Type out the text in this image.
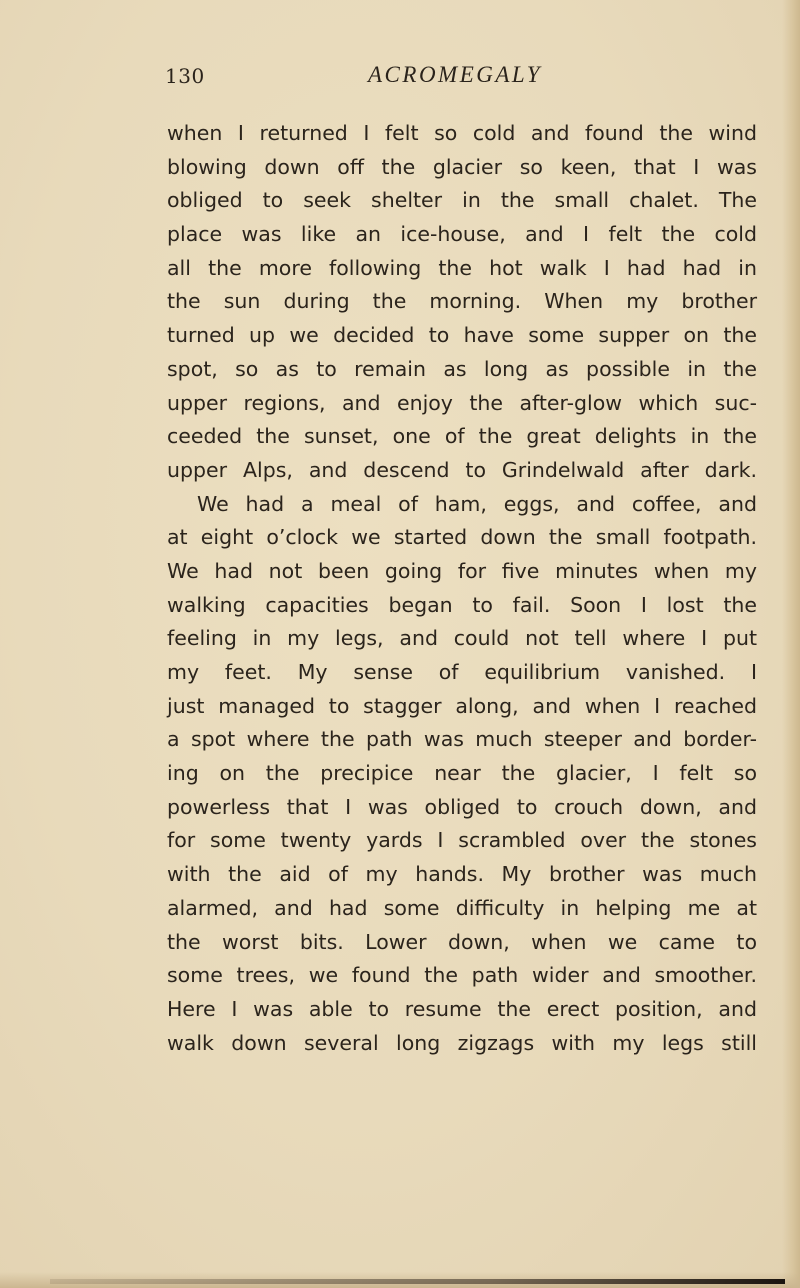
130	ACROMEGALY
when I returned I felt so cold and found the wind
blowing down off the glacier so keen, that I was
obliged to seek shelter in the small chalet. The
place was like an ice-house, and I felt the cold
all the more following the hot walk I had had in
the sun during the morning. When my brother
turned up we decided to have some supper on the
spot, so as to remain as long as possible in the
upper regions, and enjoy the after-glow which suc-
ceeded the sunset, one of the great delights in the
upper Alps, and descend to Grindelwald after dark.
We had a meal of ham, eggs, and coffee, and
at eight o’clock we started down the small footpath.
We had not been going for five minutes when my
walking capacities began to fail. Soon I lost the
feeling in my legs, and could not tell where I put
my feet. My sense of equilibrium vanished. I
just managed to stagger along, and when I reached
a spot where the path was much steeper and border-
ing on the precipice near the glacier, I felt so
powerless that I was obliged to crouch down, and
for some twenty yards I scrambled over the stones
with the aid of my hands. My brother was much
alarmed, and had some difficulty in helping me at
the worst bits. Lower down, when we came to
some trees, we found the path wider and smoother.
Here I was able to resume the erect position, and
walk down several long zigzags with my legs still
